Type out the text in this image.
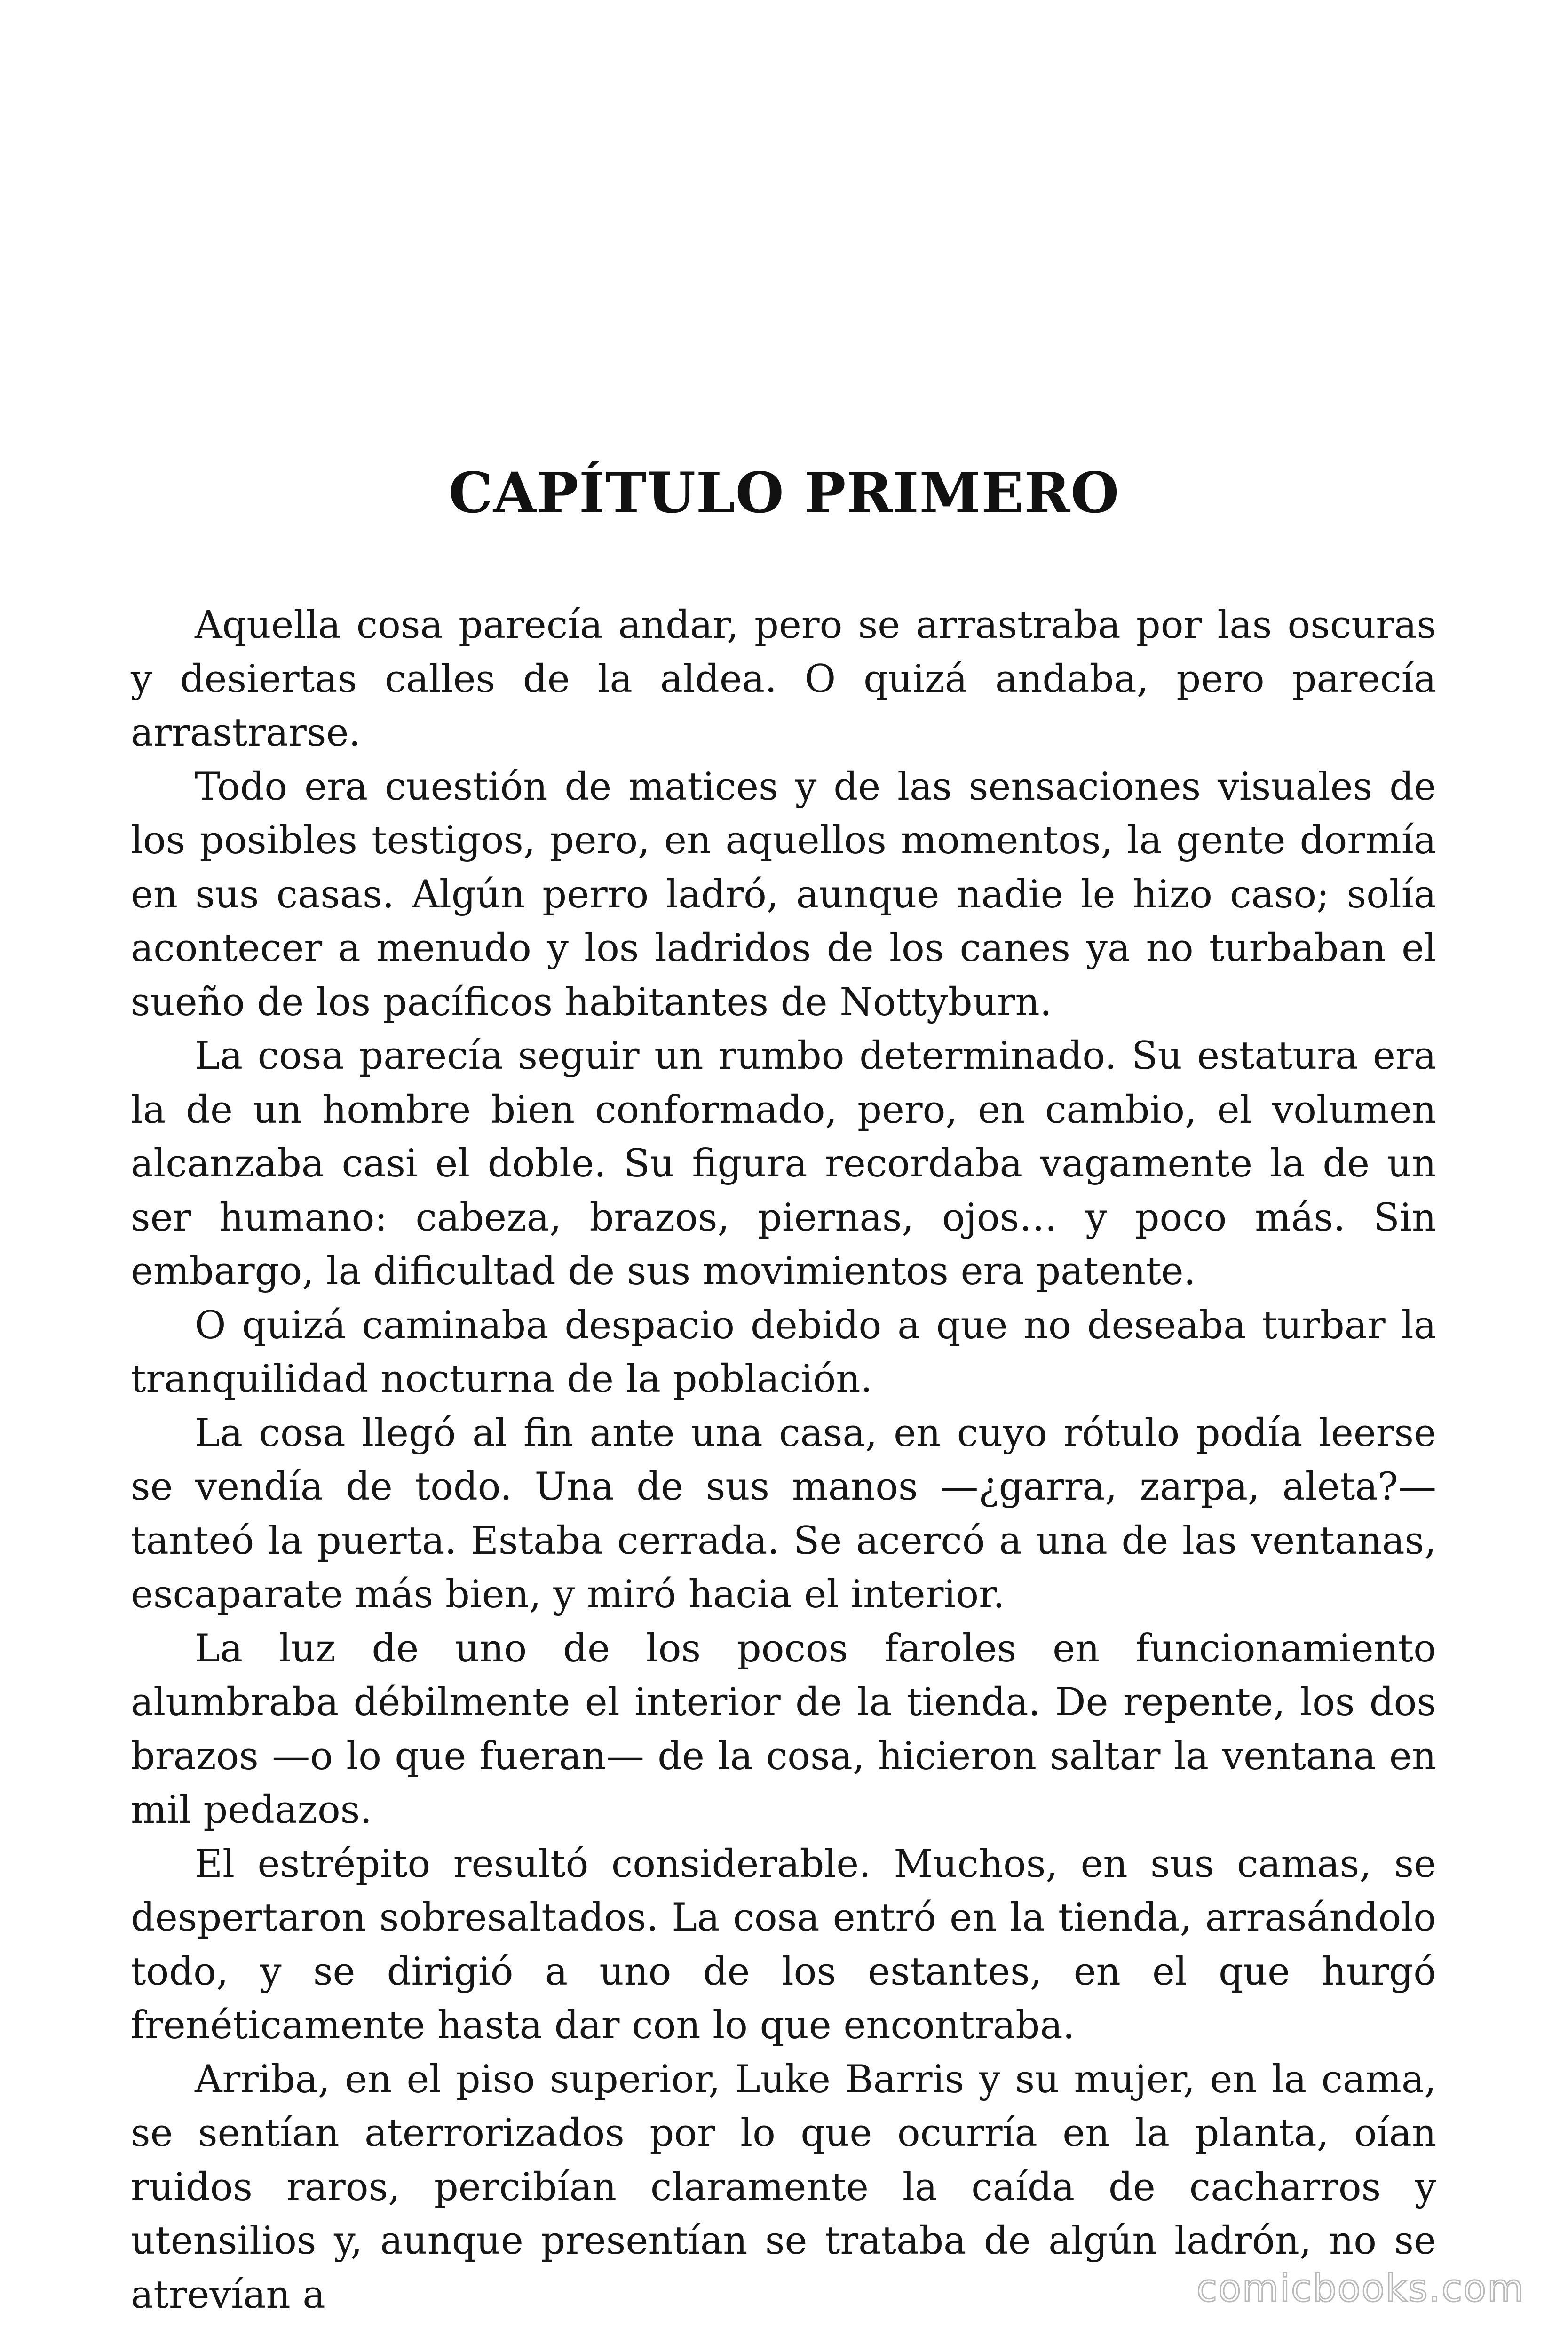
CAPÍTULO PRIMERO

Aquella cosa parecía andar, pero se arrastraba por las oscuras y desiertas calles de la aldea. O quizá andaba, pero parecía arrastrarse.

Todo era cuestión de matices y de las sensaciones visuales de los posibles testigos, pero, en aquellos momentos, la gente dormía en sus casas. Algún perro ladró, aunque nadie le hizo caso; solía acontecer a menudo y los ladridos de los canes ya no turbaban el sueño de los pacíficos habitantes de Nottyburn.

La cosa parecía seguir un rumbo determinado. Su estatura era la de un hombre bien conformado, pero, en cambio, el volumen alcanzaba casi el doble. Su figura recordaba vagamente la de un ser humano: cabeza, brazos, piernas, ojos… y poco más. Sin embargo, la dificultad de sus movimientos era patente.

O quizá caminaba despacio debido a que no deseaba turbar la tranquilidad nocturna de la población.

La cosa llegó al fin ante una casa, en cuyo rótulo podía leerse se vendía de todo. Una de sus manos —¿garra, zarpa, aleta?— tanteó la puerta. Estaba cerrada. Se acercó a una de las ventanas, escaparate más bien, y miró hacia el interior.

La luz de uno de los pocos faroles en funcionamiento alumbraba débilmente el interior de la tienda. De repente, los dos brazos —o lo que fueran— de la cosa, hicieron saltar la ventana en mil pedazos.

El estrépito resultó considerable. Muchos, en sus camas, se despertaron sobresaltados. La cosa entró en la tienda, arrasándolo todo, y se dirigió a uno de los estantes, en el que hurgó frenéticamente hasta dar con lo que encontraba.

Arriba, en el piso superior, Luke Barris y su mujer, en la cama, se sentían aterrorizados por lo que ocurría en la planta, oían ruidos raros, percibían claramente la caída de cacharros y utensilios y, aunque presentían se trataba de algún ladrón, no se atrevían a	comicbooks.com
